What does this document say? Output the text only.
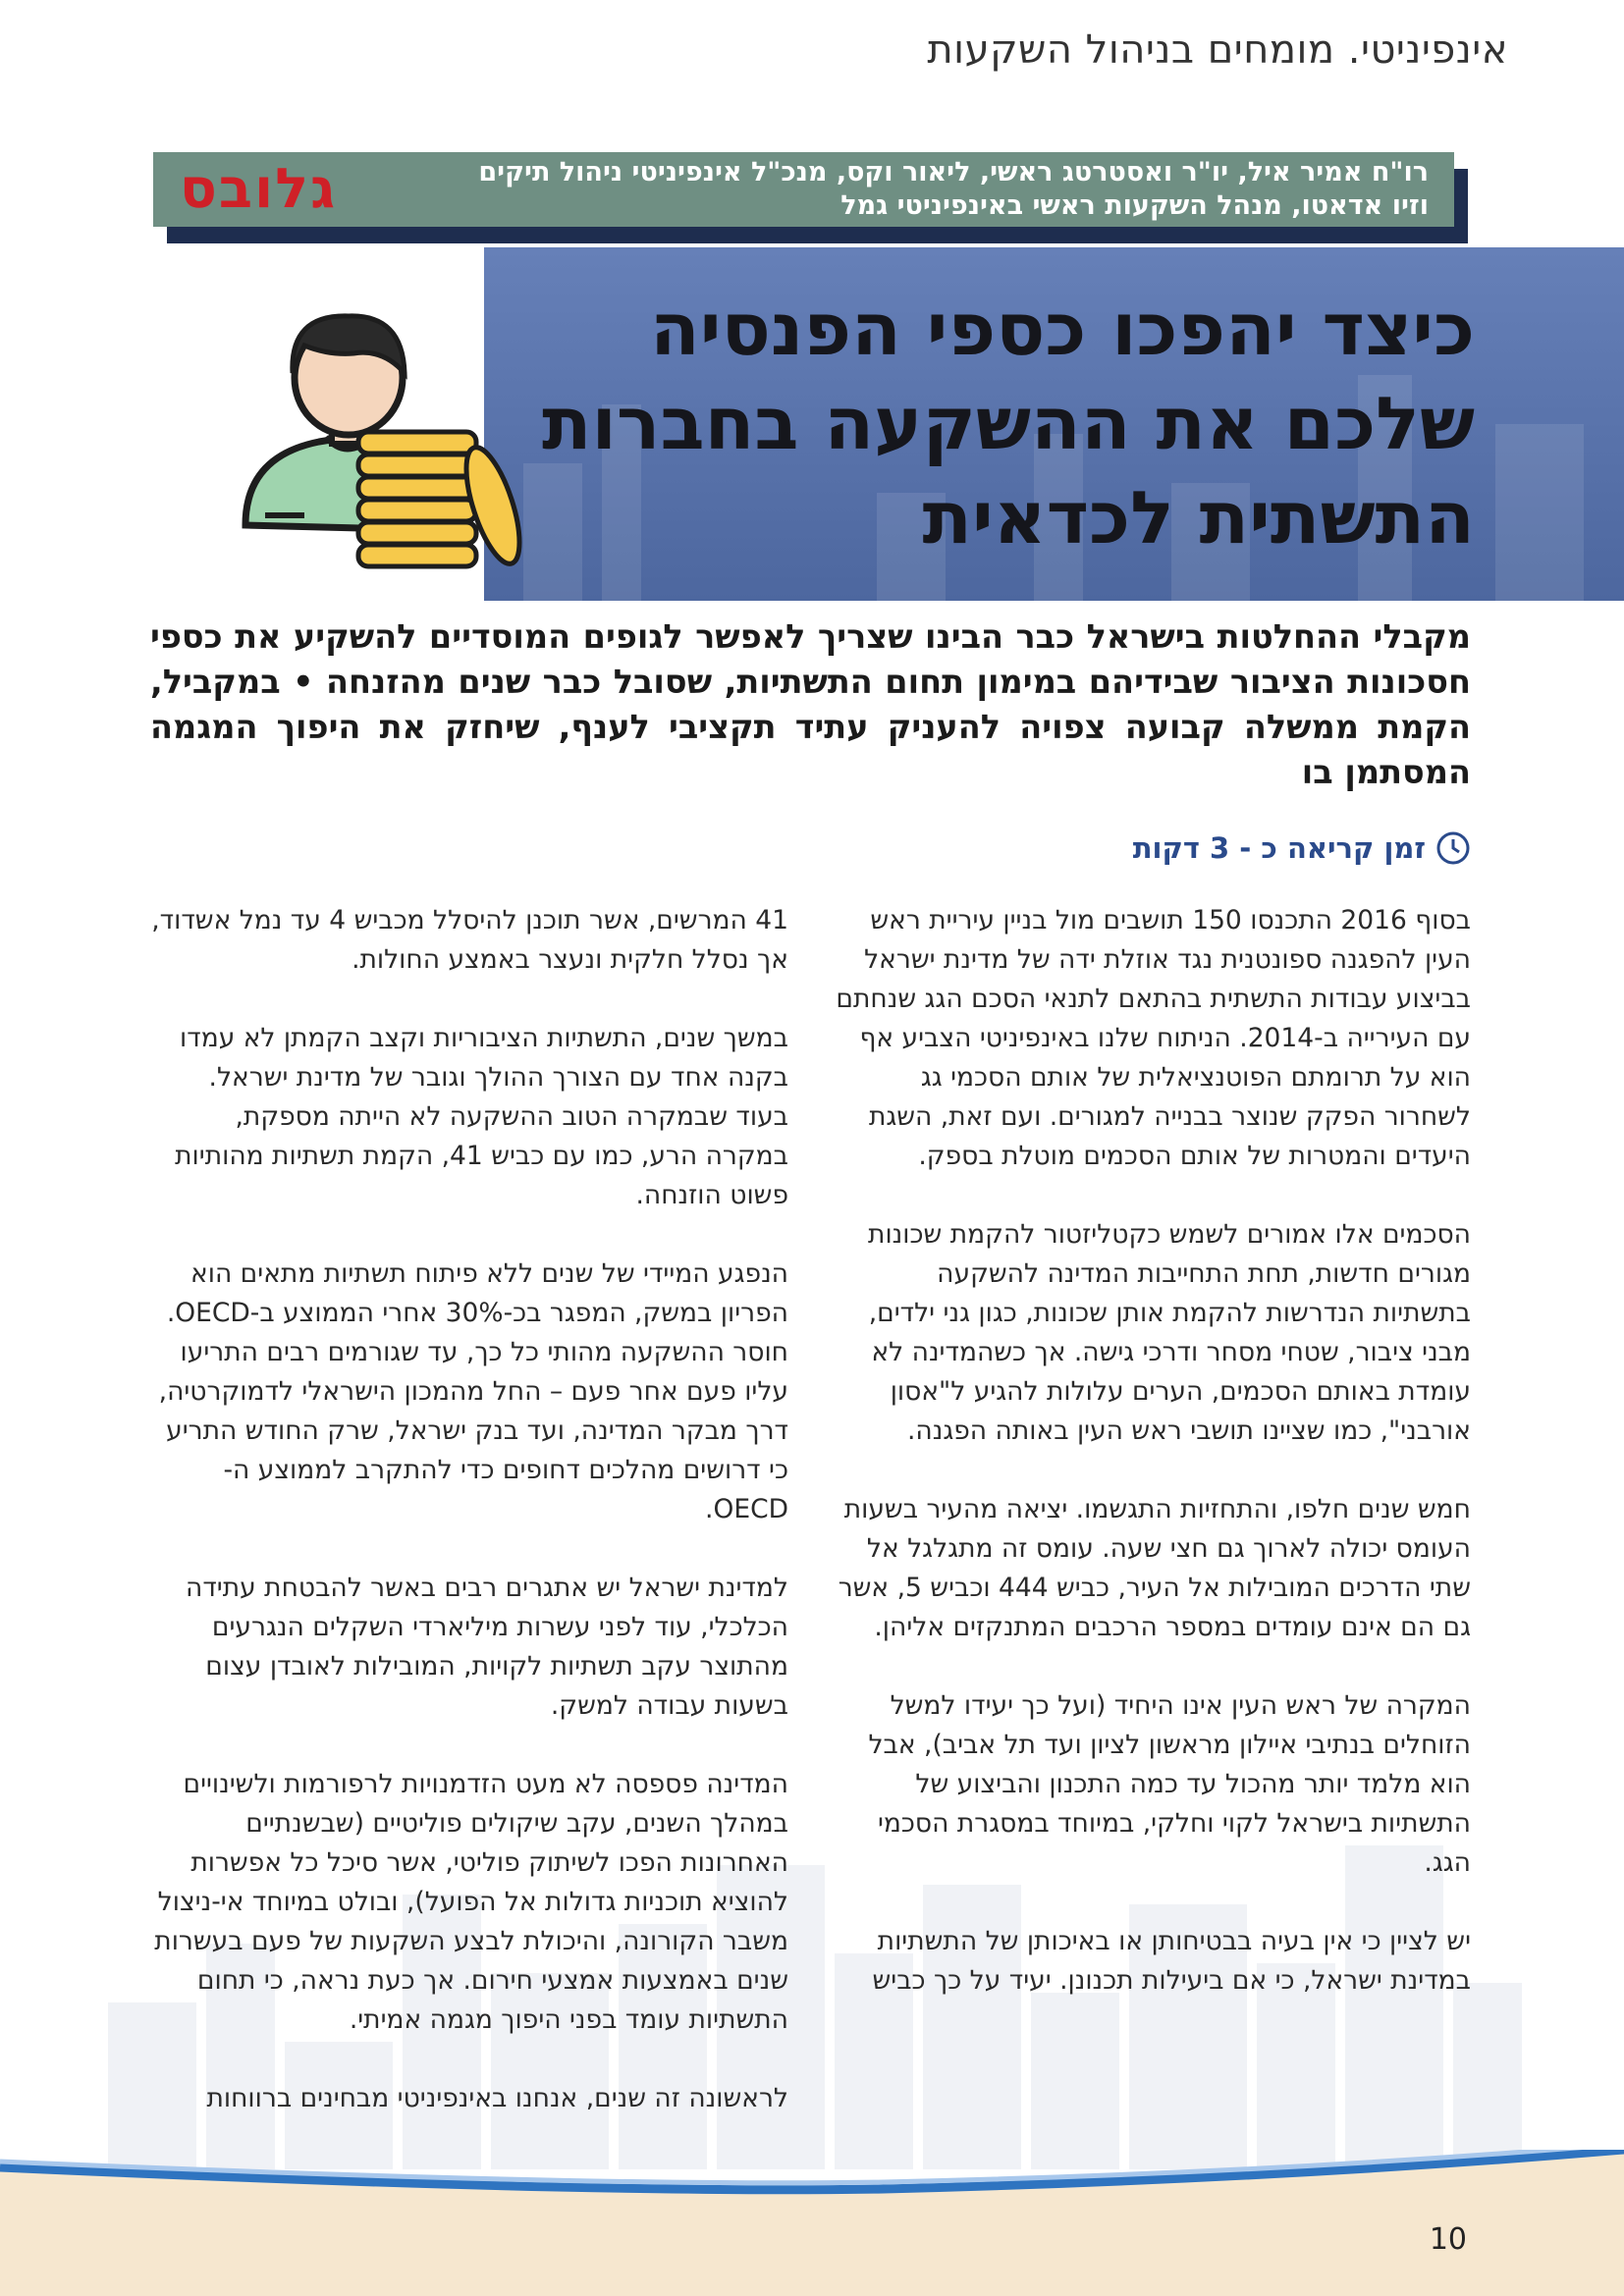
אינפיניטי. מומחים בניהול השקעות
רו"ח אמיר איל, יו"ר ואסטרטג ראשי, ליאור וקס, מנכ"ל אינפיניטי ניהול תיקים
וזיו אדאטו, מנהל השקעות ראשי באינפיניטי גמל
גלובס
כיצד יהפכו כספי הפנסיה
שלכם את ההשקעה בחברות
התשתית לכדאית
מקבלי ההחלטות בישראל כבר הבינו שצריך לאפשר לגופים המוסדיים להשקיע את כספי חסכונות הציבור שבידיהם במימון תחום התשתיות, שסובל כבר שנים מהזנחה • במקביל, הקמת ממשלה קבועה צפויה להעניק עתיד תקציבי לענף, שיחזק את היפוך המגמה המסתמן בו
זמן קריאה כ - 3 דקות

בסוף 2016 התכנסו 150 תושבים מול בניין עיריית ראש העין להפגנה ספונטנית נגד אוזלת ידה של מדינת ישראל בביצוע עבודות התשתית בהתאם לתנאי הסכם הגג שנחתם עם העירייה ב-2014. הניתוח שלנו באינפיניטי הצביע אף הוא על תרומתם הפוטנציאלית של אותם הסכמי גג לשחרור הפקק שנוצר בבנייה למגורים. ועם זאת, השגת היעדים והמטרות של אותם הסכמים מוטלת בספק.

הסכמים אלו אמורים לשמש כקטליזטור להקמת שכונות מגורים חדשות, תחת התחייבות המדינה להשקעה בתשתיות הנדרשות להקמת אותן שכונות, כגון גני ילדים, מבני ציבור, שטחי מסחר ודרכי גישה. אך כשהמדינה לא עומדת באותם הסכמים, הערים עלולות להגיע ל"אסון אורבני", כמו שציינו תושבי ראש העין באותה הפגנה.

חמש שנים חלפו, והתחזיות התגשמו. יציאה מהעיר בשעות העומס יכולה לארוך גם חצי שעה. עומס זה מתגלגל אל שתי הדרכים המובילות אל העיר, כביש 444 וכביש 5, אשר גם הם אינם עומדים במספר הרכבים המתנקזים אליהן.

המקרה של ראש העין אינו היחיד (ועל כך יעידו למשל הזוחלים בנתיבי איילון מראשון לציון ועד תל אביב), אבל הוא מלמד יותר מהכול עד כמה התכנון והביצוע של התשתיות בישראל לקוי וחלקי, במיוחד במסגרת הסכמי הגג.

יש לציין כי אין בעיה בבטיחותן או באיכותן של התשתיות במדינת ישראל, כי אם ביעילות תכנונן. יעיד על כך כביש

41 המרשים, אשר תוכנן להיסלל מכביש 4 עד נמל אשדוד, אך נסלל חלקית ונעצר באמצע החולות.

במשך שנים, התשתיות הציבוריות וקצב הקמתן לא עמדו בקנה אחד עם הצורך ההולך וגובר של מדינת ישראל. בעוד שבמקרה הטוב ההשקעה לא הייתה מספקת, במקרה הרע, כמו עם כביש 41, הקמת תשתיות מהותיות פשוט הוזנחה.

הנפגע המיידי של שנים ללא פיתוח תשתיות מתאים הוא הפריון במשק, המפגר בכ-30% אחרי הממוצע ב-OECD. חוסר ההשקעה מהותי כל כך, עד שגורמים רבים התריעו עליו פעם אחר פעם – החל מהמכון הישראלי לדמוקרטיה, דרך מבקר המדינה, ועד בנק ישראל, שרק החודש התריע כי דרושים מהלכים דחופים כדי להתקרב לממוצע ה-OECD.

למדינת ישראל יש אתגרים רבים באשר להבטחת עתידה הכלכלי, עוד לפני עשרות מיליארדי השקלים הנגרעים מהתוצר עקב תשתיות לקויות, המובילות לאובדן עצום בשעות עבודה למשק.

המדינה פספסה לא מעט הזדמנויות לרפורמות ולשינויים במהלך השנים, עקב שיקולים פוליטיים (שבשנתיים האחרונות הפכו לשיתוק פוליטי, אשר סיכל כל אפשרות להוציא תוכניות גדולות אל הפועל), ובולט במיוחד אי-ניצול משבר הקורונה, והיכולת לבצע השקעות של פעם בעשרות שנים באמצעות אמצעי חירום. אך כעת נראה, כי תחום התשתיות עומד בפני היפוך מגמה אמיתי.

לראשונה זה שנים, אנחנו באינפיניטי מבחינים ברווחות

10
